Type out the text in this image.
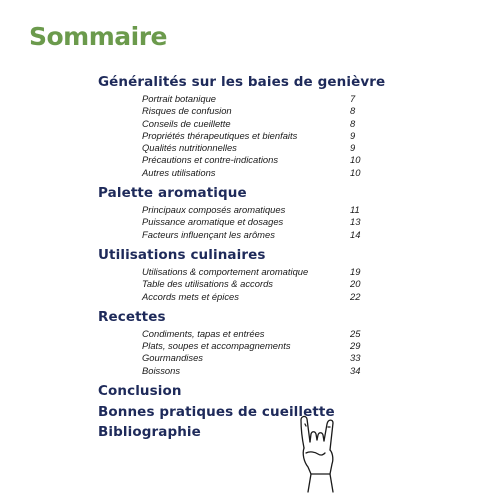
Sommaire
Généralités sur les baies de genièvre
Portrait botanique	7
Risques de confusion	8
Conseils de cueillette	8
Propriétés thérapeutiques et bienfaits	9
Qualités nutritionnelles	9
Précautions et contre-indications	10
Autres utilisations	10
Palette aromatique
Principaux composés aromatiques	11
Puissance aromatique et dosages	13
Facteurs influençant les arômes	14
Utilisations culinaires
Utilisations & comportement aromatique	19
Table des utilisations & accords	20
Accords mets et épices	22
Recettes
Condiments, tapas et entrées	25
Plats, soupes et accompagnements	29
Gourmandises	33
Boissons	34
Conclusion
Bonnes pratiques de cueillette
Bibliographie
